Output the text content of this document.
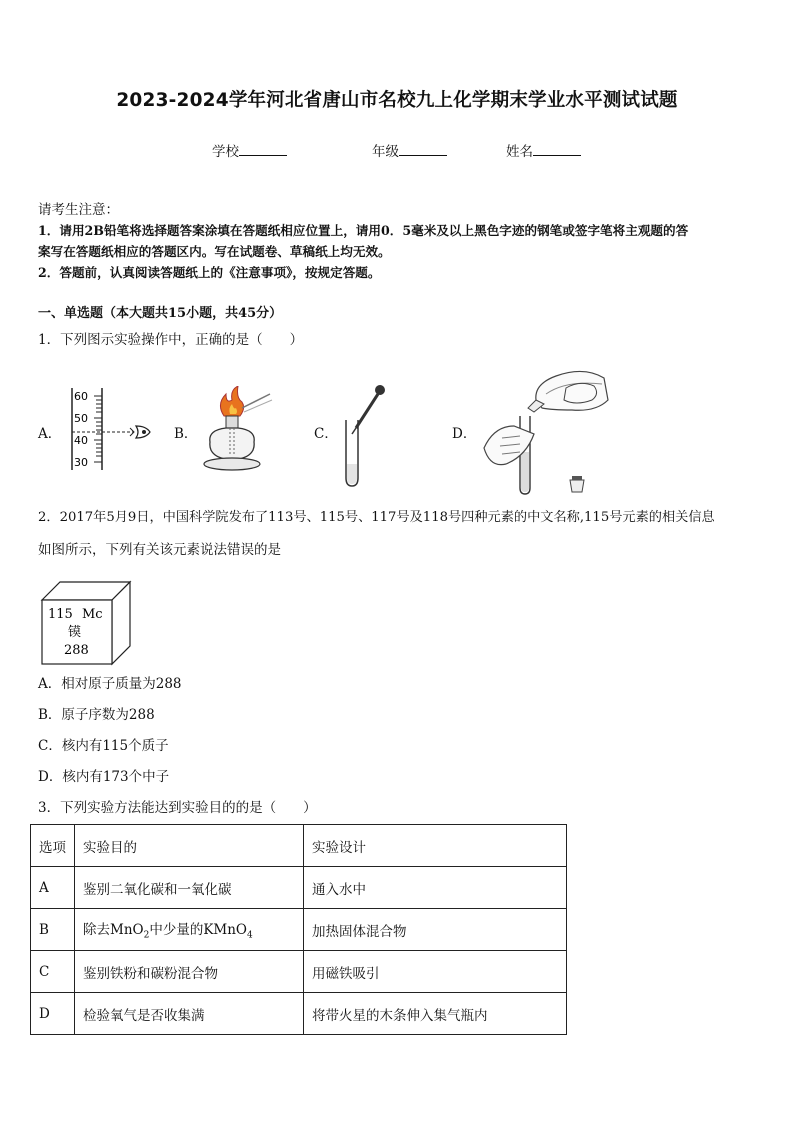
2023-2024学年河北省唐山市名校九上化学期末学业水平测试试题
学校	年级	姓名
请考生注意：
1．请用2B铅笔将选择题答案涂填在答题纸相应位置上，请用0．5毫米及以上黑色字迹的钢笔或签字笔将主观题的答
案写在答题纸相应的答题区内。写在试题卷、草稿纸上均无效。
2．答题前，认真阅读答题纸上的《注意事项》，按规定答题。
一、单选题（本大题共15小题，共45分）
1．下列图示实验操作中，正确的是（　　）
A．	B．	C．	D．
60
50
40
30
2．2017年5月9日，中国科学院发布了113号、115号、117号及118号四种元素的中文名称,115号元素的相关信息
如图所示，下列有关该元素说法错误的是
115 Mc
镆
288
A．相对原子质量为288
B．原子序数为288
C．核内有115个质子
D．核内有173个中子
3．下列实验方法能达到实验目的的是（　　）
选项	实验目的	实验设计
A	鉴别二氧化碳和一氧化碳	通入水中
B	除去MnO$_2$中少量的KMnO$_4$	加热固体混合物
C	鉴别铁粉和碳粉混合物	用磁铁吸引
D	检验氧气是否收集满	将带火星的木条伸入集气瓶内
